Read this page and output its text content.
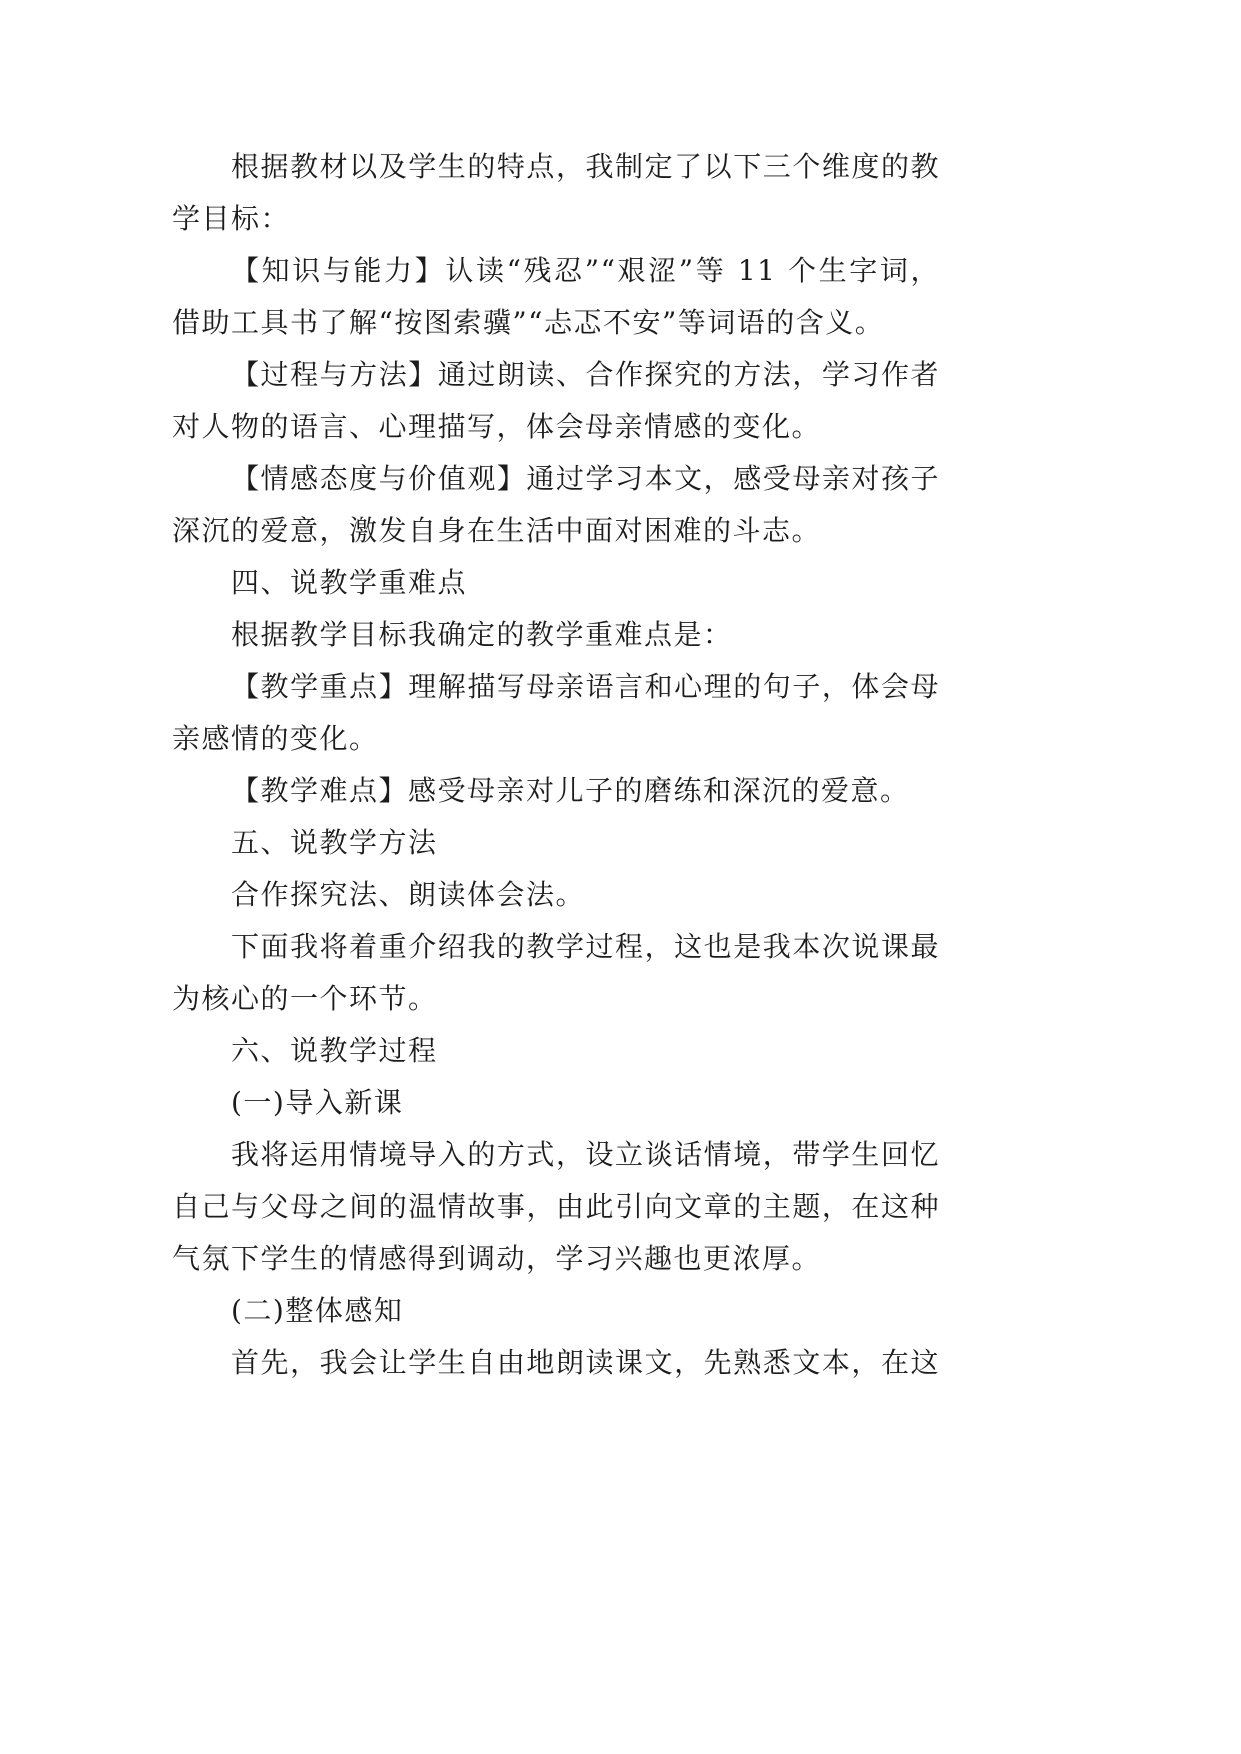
根据教材以及学生的特点，我制定了以下三个维度的教
学目标：
【知识与能力】认读“残忍”“艰涩”等 11 个生字词，
借助工具书了解“按图索骥”“忐忑不安”等词语的含义。
【过程与方法】通过朗读、合作探究的方法，学习作者
对人物的语言、心理描写，体会母亲情感的变化。
【情感态度与价值观】通过学习本文，感受母亲对孩子
深沉的爱意，激发自身在生活中面对困难的斗志。
四、说教学重难点
根据教学目标我确定的教学重难点是：
【教学重点】理解描写母亲语言和心理的句子，体会母
亲感情的变化。
【教学难点】感受母亲对儿子的磨练和深沉的爱意。
五、说教学方法
合作探究法、朗读体会法。
下面我将着重介绍我的教学过程，这也是我本次说课最
为核心的一个环节。
六、说教学过程
(一)导入新课
我将运用情境导入的方式，设立谈话情境，带学生回忆
自己与父母之间的温情故事，由此引向文章的主题，在这种
气氛下学生的情感得到调动，学习兴趣也更浓厚。
(二)整体感知
首先，我会让学生自由地朗读课文，先熟悉文本，在这
